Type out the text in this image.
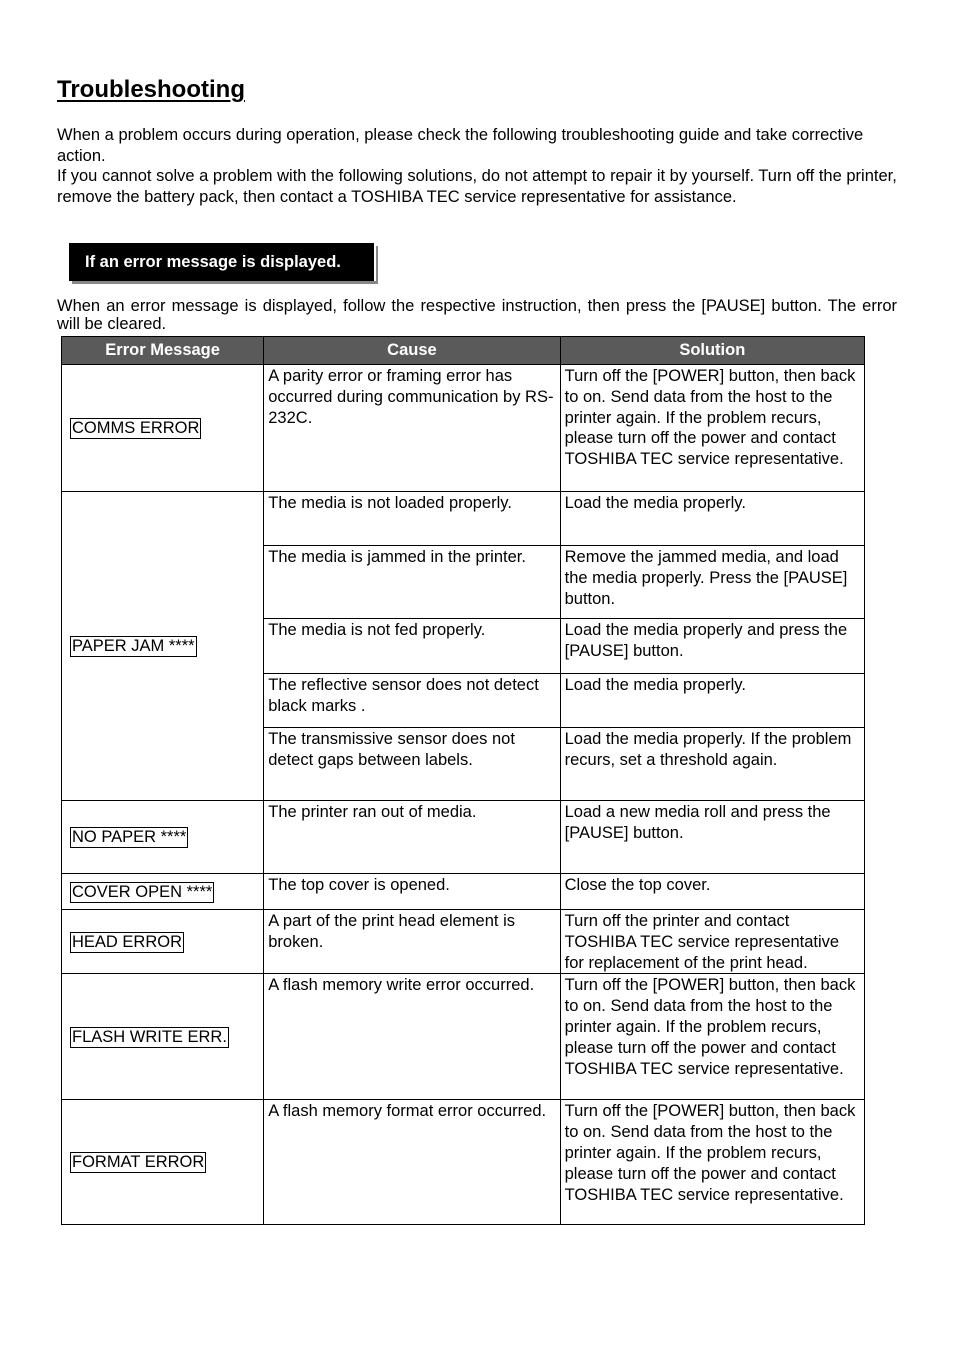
Troubleshooting

When a problem occurs during operation, please check the following troubleshooting guide and take corrective action.

If you cannot solve a problem with the following solutions, do not attempt to repair it by yourself. Turn off the printer, remove the battery pack, then contact a TOSHIBA TEC service representative for assistance.

If an error message is displayed.

When an error message is displayed, follow the respective instruction, then press the [PAUSE] button. The error will be cleared.

Error Message	Cause	Solution
COMMS ERROR	A parity error or framing error has occurred during communication by RS-232C.	Turn off the [POWER] button, then back to on. Send data from the host to the printer again. If the problem recurs, please turn off the power and contact TOSHIBA TEC service representative.
PAPER JAM ****	The media is not loaded properly.	Load the media properly.
	The media is jammed in the printer.	Remove the jammed media, and load the media properly. Press the [PAUSE] button.
	The media is not fed properly.	Load the media properly and press the [PAUSE] button.
	The reflective sensor does not detect black marks .	Load the media properly.
	The transmissive sensor does not detect gaps between labels.	Load the media properly. If the problem recurs, set a threshold again.
NO PAPER ****	The printer ran out of media.	Load a new media roll and press the [PAUSE] button.
COVER OPEN ****	The top cover is opened.	Close the top cover.
HEAD ERROR	A part of the print head element is broken.	Turn off the printer and contact TOSHIBA TEC service representative for replacement of the print head.
FLASH WRITE ERR.	A flash memory write error occurred.	Turn off the [POWER] button, then back to on. Send data from the host to the printer again. If the problem recurs, please turn off the power and contact TOSHIBA TEC service representative.
FORMAT ERROR	A flash memory format error occurred.	Turn off the [POWER] button, then back to on. Send data from the host to the printer again. If the problem recurs, please turn off the power and contact TOSHIBA TEC service representative.
